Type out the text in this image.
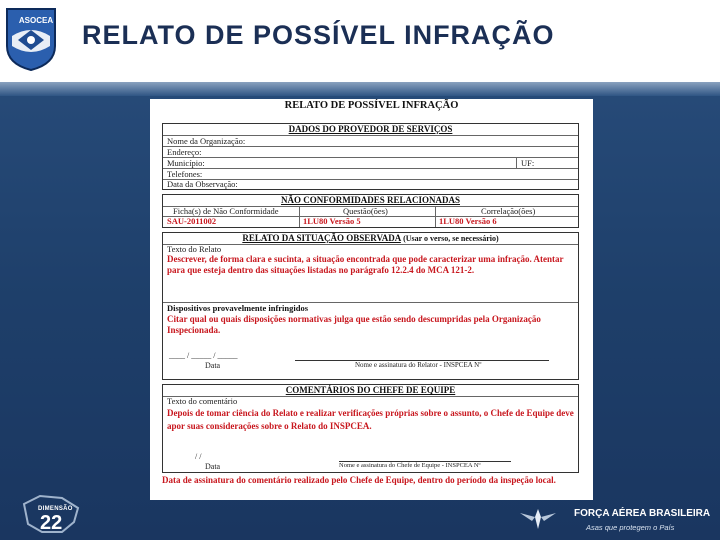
ASOCEA RELATO DE POSSÍVEL INFRAÇÃO
RELATO DE POSSÍVEL INFRAÇÃO
DADOS DO PROVEDOR DE SERVIÇOS
Nome da Organização:
Endereço:
Município:	UF:
Telefones:
Data da Observação:
NÃO CONFORMIDADES RELACIONADAS
Ficha(s) de Não Conformidade	Questão(ões)	Correlação(ões)
SAU-2011002	1LU80 Versão 5	1LU80 Versão 6
RELATO DA SITUAÇÃO OBSERVADA (Usar o verso, se necessário)
Texto do Relato
Descrever, de forma clara e sucinta, a situação encontrada que pode caracterizar uma infração. Atentar para que esteja dentro das situações listadas no parágrafo 12.2.4 do MCA 121-2.
Dispositivos provavelmente infringidos
Citar qual ou quais disposições normativas julga que estão sendo descumpridas pela Organização Inspecionada.
____ / _____ / _____
Data	Nome e assinatura do Relator - INSPCEA Nº
COMENTÁRIOS DO CHEFE DE EQUIPE
Texto do comentário
Depois de tomar ciência do Relato e realizar verificações próprias sobre o assunto, o Chefe de Equipe deve apor suas considerações sobre o Relato do INSPCEA.
/ /
Data	Nome e assinatura do Chefe de Equipe - INSPCEA Nº
Data de assinatura do comentário realizado pelo Chefe de Equipe, dentro do período da inspeção local.
DIMENSÃO
22	FORÇA AÉREA BRASILEIRA
Asas que protegem o País
